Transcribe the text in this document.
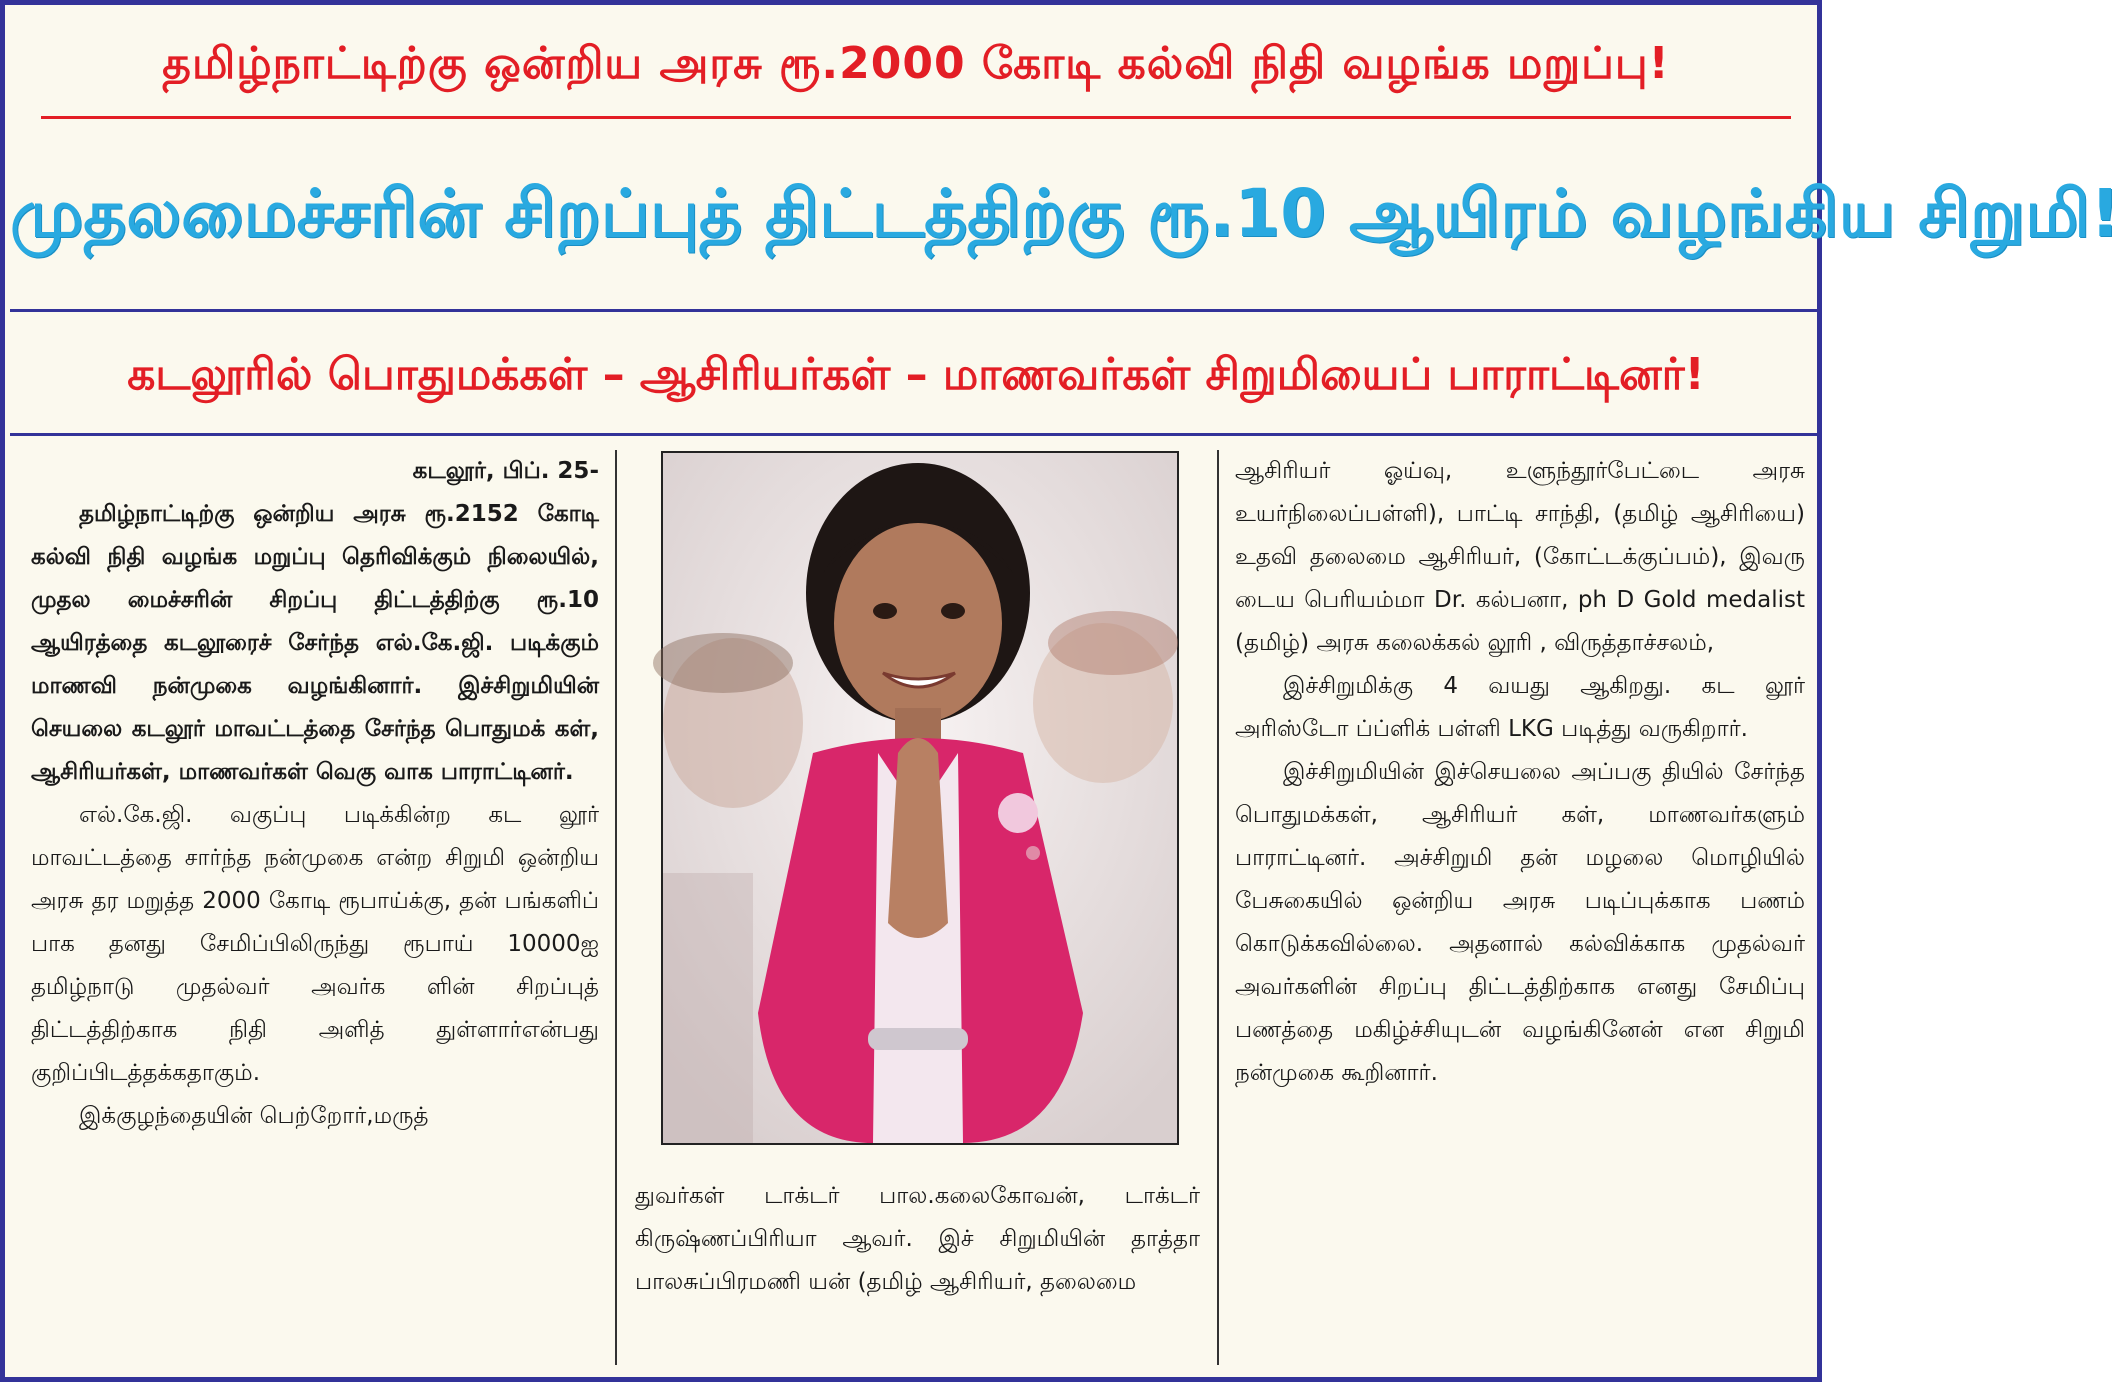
தமிழ்நாட்டிற்கு ஒன்றிய அரசு ரூ.2000 கோடி கல்வி நிதி வழங்க மறுப்பு!
முதலமைச்சரின் சிறப்புத் திட்டத்திற்கு ரூ.10 ஆயிரம் வழங்கிய சிறுமி!
கடலூரில் பொதுமக்கள் – ஆசிரியர்கள் – மாணவர்கள் சிறுமியைப் பாராட்டினர்!

கடலூர், பிப். 25-

தமிழ்நாட்டிற்கு ஒன்றிய அரசு ரூ.2152 கோடி கல்வி நிதி வழங்க மறுப்பு தெரிவிக்கும் நிலையில், முதல மைச்சரின் சிறப்பு திட்டத்திற்கு ரூ.10 ஆயிரத்தை கடலூரைச் சேர்ந்த எல்.கே.ஜி. படிக்கும் மாணவி நன்முகை வழங்கினார். இச்சிறுமியின் செயலை கடலூர் மாவட்டத்தை சேர்ந்த பொதுமக் கள், ஆசிரியர்கள், மாணவர்கள் வெகு வாக பாராட்டினர்.

எல்.கே.ஜி. வகுப்பு படிக்கின்ற கட லூர் மாவட்டத்தை சார்ந்த நன்முகை என்ற சிறுமி ஒன்றிய அரசு தர மறுத்த 2000 கோடி ரூபாய்க்கு, தன் பங்களிப் பாக தனது சேமிப்பிலிருந்து ரூபாய் 10000ஐ தமிழ்நாடு முதல்வர் அவர்க ளின் சிறப்புத் திட்டத்திற்காக நிதி அளித் துள்ளார்என்பது குறிப்பிடத்தக்கதாகும்.

இக்குழந்தையின் பெற்றோர்,மருத்

துவர்கள் டாக்டர் பால.கலைகோவன், டாக்டர் கிருஷ்ணப்பிரியா ஆவர். இச் சிறுமியின் தாத்தா பாலசுப்பிரமணி யன் (தமிழ் ஆசிரியர், தலைமை

ஆசிரியர் ஓய்வு, உளுந்தூர்பேட்டை அரசு உயர்நிலைப்பள்ளி), பாட்டி சாந்தி, (தமிழ் ஆசிரியை) உதவி தலைமை ஆசிரியர், (கோட்டக்குப்பம்), இவரு டைய பெரியம்மா Dr. கல்பனா, ph D Gold medalist (தமிழ்) அரசு கலைக்கல் லூரி , விருத்தாச்சலம்,

இச்சிறுமிக்கு 4 வயது ஆகிறது. கட லூர் அரிஸ்டோ ப்ப்ளிக் பள்ளி LKG படித்து வருகிறார்.

இச்சிறுமியின் இச்செயலை அப்பகு தியில் சேர்ந்த பொதுமக்கள், ஆசிரியர் கள், மாணவர்களும் பாராட்டினர். அச்சிறுமி தன் மழலை மொழியில் பேசுகையில் ஒன்றிய அரசு படிப்புக்காக பணம் கொடுக்கவில்லை. அதனால் கல்விக்காக முதல்வர் அவர்களின் சிறப்பு திட்டத்திற்காக எனது சேமிப்பு பணத்தை மகிழ்ச்சியுடன் வழங்கினேன் என சிறுமி நன்முகை கூறினார்.
